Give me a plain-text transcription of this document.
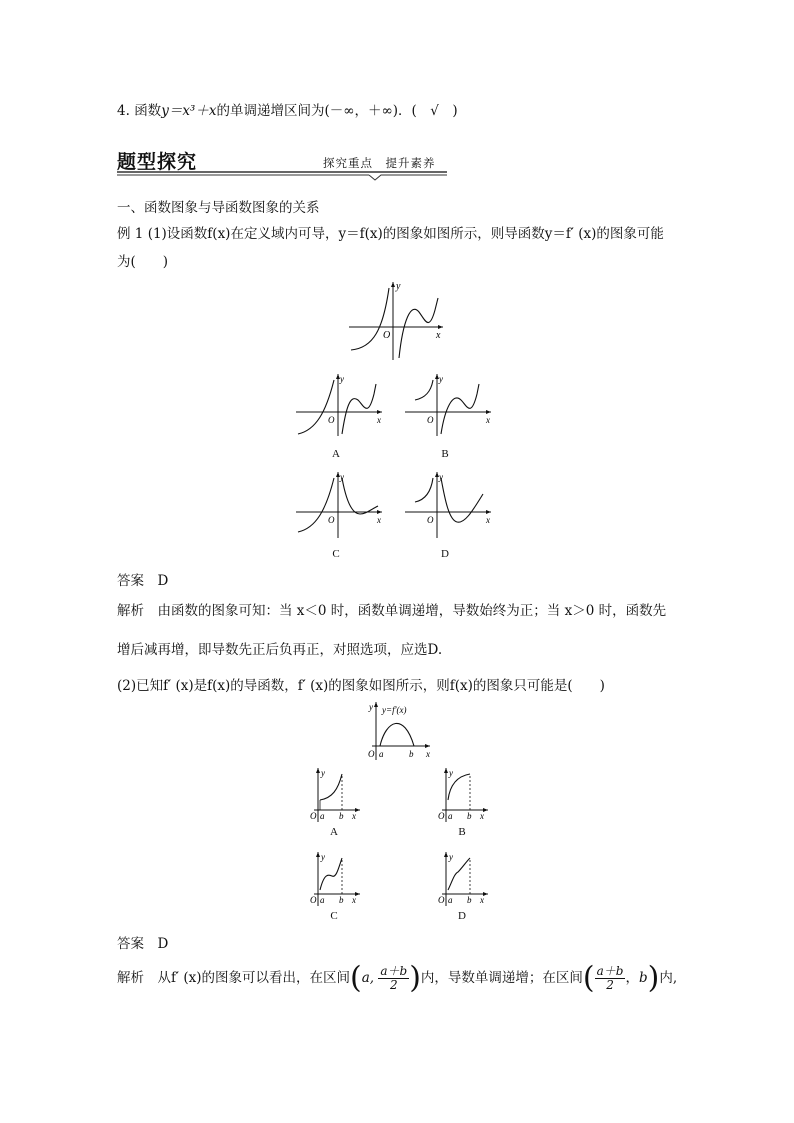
4. 函数y＝x³＋x的单调递增区间为(－∞，＋∞)．(　√　)
题型探究	探究重点　提升素养
一、函数图象与导函数图象的关系
例 1 (1)设函数f(x)在定义域内可导，y＝f(x)的图象如图所示，则导函数y＝f′ (x)的图象可能
为(　　)
y
O	x
y
O	x
A
y
O	x
B
y
O	x
C
y
O	x
D
答案　D
解析　由函数的图象可知：当 x＜0 时，函数单调递增，导数始终为正；当 x＞0 时，函数先
增后减再增，即导数先正后负再正，对照选项，应选D.
(2)已知f′ (x)是f(x)的导函数，f′ (x)的图象如图所示，则f(x)的图象只可能是(　　)
y y=f′(x)
O a	b x
O a b x
y
A
O a b x
y
B
O a b x
y
C
O a b x
y
D
答案　D
解析　从f′ (x)的图象可以看出，在区间(a, $\frac{a+b}{2}$ )内，导数单调递增；在区间( $\frac{a+b}{2}$ ，b)内,
